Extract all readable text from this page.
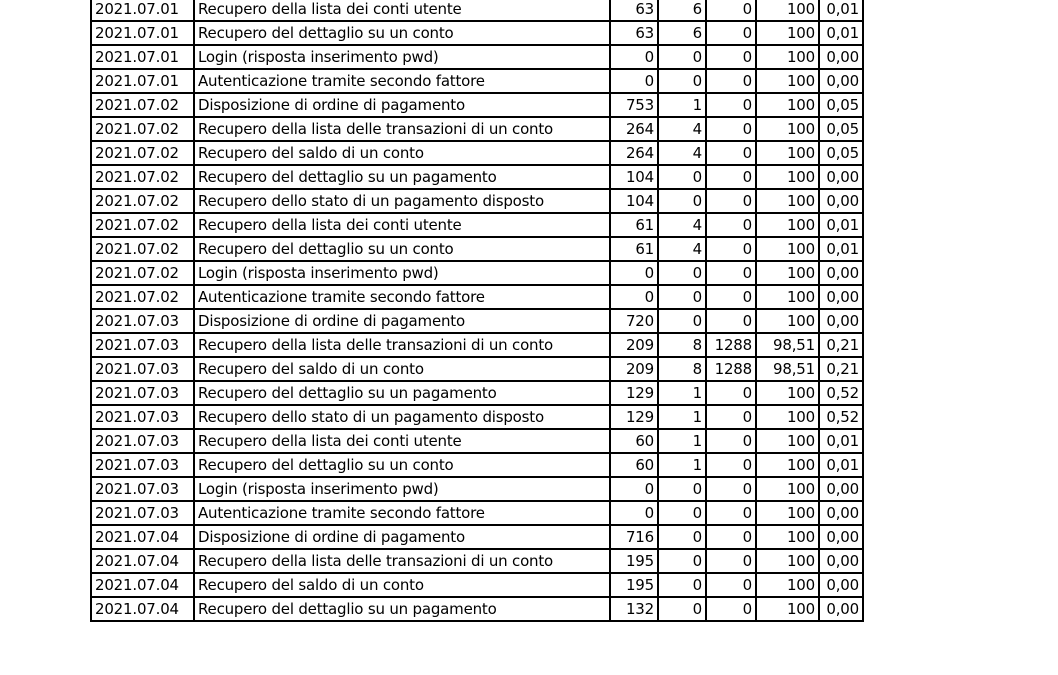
2021.07.01	Recupero della lista dei conti utente	63	6	0	100	0,01
2021.07.01	Recupero del dettaglio su un conto	63	6	0	100	0,01
2021.07.01	Login (risposta inserimento pwd)	0	0	0	100	0,00
2021.07.01	Autenticazione tramite secondo fattore	0	0	0	100	0,00
2021.07.02	Disposizione di ordine di pagamento	753	1	0	100	0,05
2021.07.02	Recupero della lista delle transazioni di un conto	264	4	0	100	0,05
2021.07.02	Recupero del saldo di un conto	264	4	0	100	0,05
2021.07.02	Recupero del dettaglio su un pagamento	104	0	0	100	0,00
2021.07.02	Recupero dello stato di un pagamento disposto	104	0	0	100	0,00
2021.07.02	Recupero della lista dei conti utente	61	4	0	100	0,01
2021.07.02	Recupero del dettaglio su un conto	61	4	0	100	0,01
2021.07.02	Login (risposta inserimento pwd)	0	0	0	100	0,00
2021.07.02	Autenticazione tramite secondo fattore	0	0	0	100	0,00
2021.07.03	Disposizione di ordine di pagamento	720	0	0	100	0,00
2021.07.03	Recupero della lista delle transazioni di un conto	209	8	1288	98,51	0,21
2021.07.03	Recupero del saldo di un conto	209	8	1288	98,51	0,21
2021.07.03	Recupero del dettaglio su un pagamento	129	1	0	100	0,52
2021.07.03	Recupero dello stato di un pagamento disposto	129	1	0	100	0,52
2021.07.03	Recupero della lista dei conti utente	60	1	0	100	0,01
2021.07.03	Recupero del dettaglio su un conto	60	1	0	100	0,01
2021.07.03	Login (risposta inserimento pwd)	0	0	0	100	0,00
2021.07.03	Autenticazione tramite secondo fattore	0	0	0	100	0,00
2021.07.04	Disposizione di ordine di pagamento	716	0	0	100	0,00
2021.07.04	Recupero della lista delle transazioni di un conto	195	0	0	100	0,00
2021.07.04	Recupero del saldo di un conto	195	0	0	100	0,00
2021.07.04	Recupero del dettaglio su un pagamento	132	0	0	100	0,00
